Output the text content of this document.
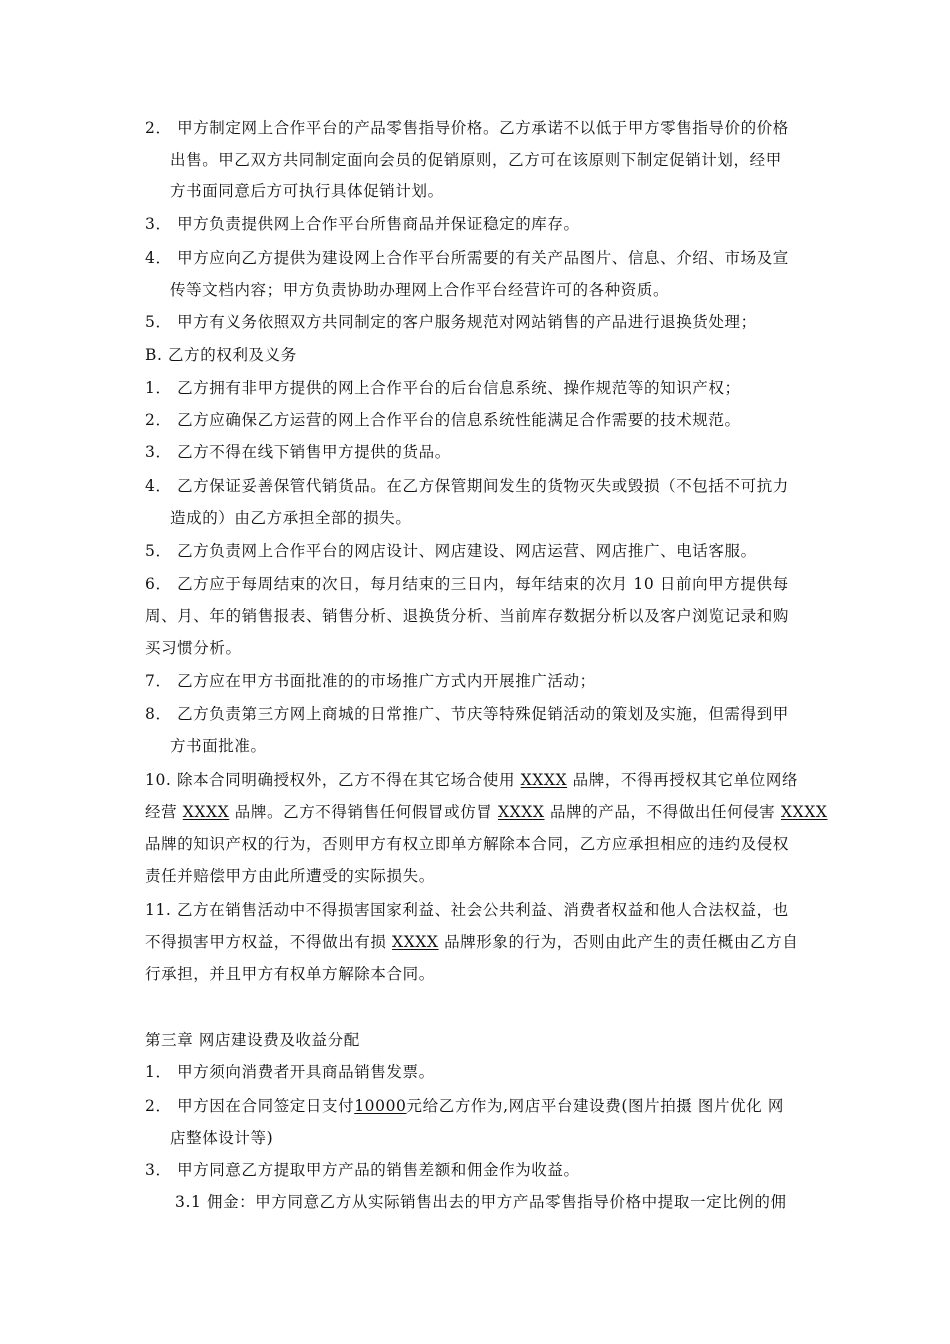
2． 甲方制定网上合作平台的产品零售指导价格。乙方承诺不以低于甲方零售指导价的价格
出售。甲乙双方共同制定面向会员的促销原则，乙方可在该原则下制定促销计划，经甲
方书面同意后方可执行具体促销计划。
3． 甲方负责提供网上合作平台所售商品并保证稳定的库存。
4． 甲方应向乙方提供为建设网上合作平台所需要的有关产品图片、信息、介绍、市场及宣
传等文档内容；甲方负责协助办理网上合作平台经营许可的各种资质。
5． 甲方有义务依照双方共同制定的客户服务规范对网站销售的产品进行退换货处理；
B. 乙方的权利及义务
1． 乙方拥有非甲方提供的网上合作平台的后台信息系统、操作规范等的知识产权；
2． 乙方应确保乙方运营的网上合作平台的信息系统性能满足合作需要的技术规范。
3． 乙方不得在线下销售甲方提供的货品。
4． 乙方保证妥善保管代销货品。在乙方保管期间发生的货物灭失或毁损（不包括不可抗力
造成的）由乙方承担全部的损失。
5． 乙方负责网上合作平台的网店设计、网店建设、网店运营、网店推广、电话客服。
6． 乙方应于每周结束的次日，每月结束的三日内，每年结束的次月 10 日前向甲方提供每
周、月、年的销售报表、销售分析、退换货分析、当前库存数据分析以及客户浏览记录和购
买习惯分析。
7． 乙方应在甲方书面批准的的市场推广方式内开展推广活动；
8． 乙方负责第三方网上商城的日常推广、节庆等特殊促销活动的策划及实施，但需得到甲
方书面批准。
10. 除本合同明确授权外，乙方不得在其它场合使用 XXXX 品牌，不得再授权其它单位网络
经营 XXXX 品牌。乙方不得销售任何假冒或仿冒 XXXX 品牌的产品，不得做出任何侵害 XXXX
品牌的知识产权的行为，否则甲方有权立即单方解除本合同，乙方应承担相应的违约及侵权
责任并赔偿甲方由此所遭受的实际损失。
11. 乙方在销售活动中不得损害国家利益、社会公共利益、消费者权益和他人合法权益，也
不得损害甲方权益，不得做出有损 XXXX 品牌形象的行为，否则由此产生的责任概由乙方自
行承担，并且甲方有权单方解除本合同。
第三章 网店建设费及收益分配
1． 甲方须向消费者开具商品销售发票。
2． 甲方因在合同签定日支付10000元给乙方作为,网店平台建设费(图片拍摄 图片优化 网
店整体设计等)
3． 甲方同意乙方提取甲方产品的销售差额和佣金作为收益。
3.1 佣金：甲方同意乙方从实际销售出去的甲方产品零售指导价格中提取一定比例的佣
